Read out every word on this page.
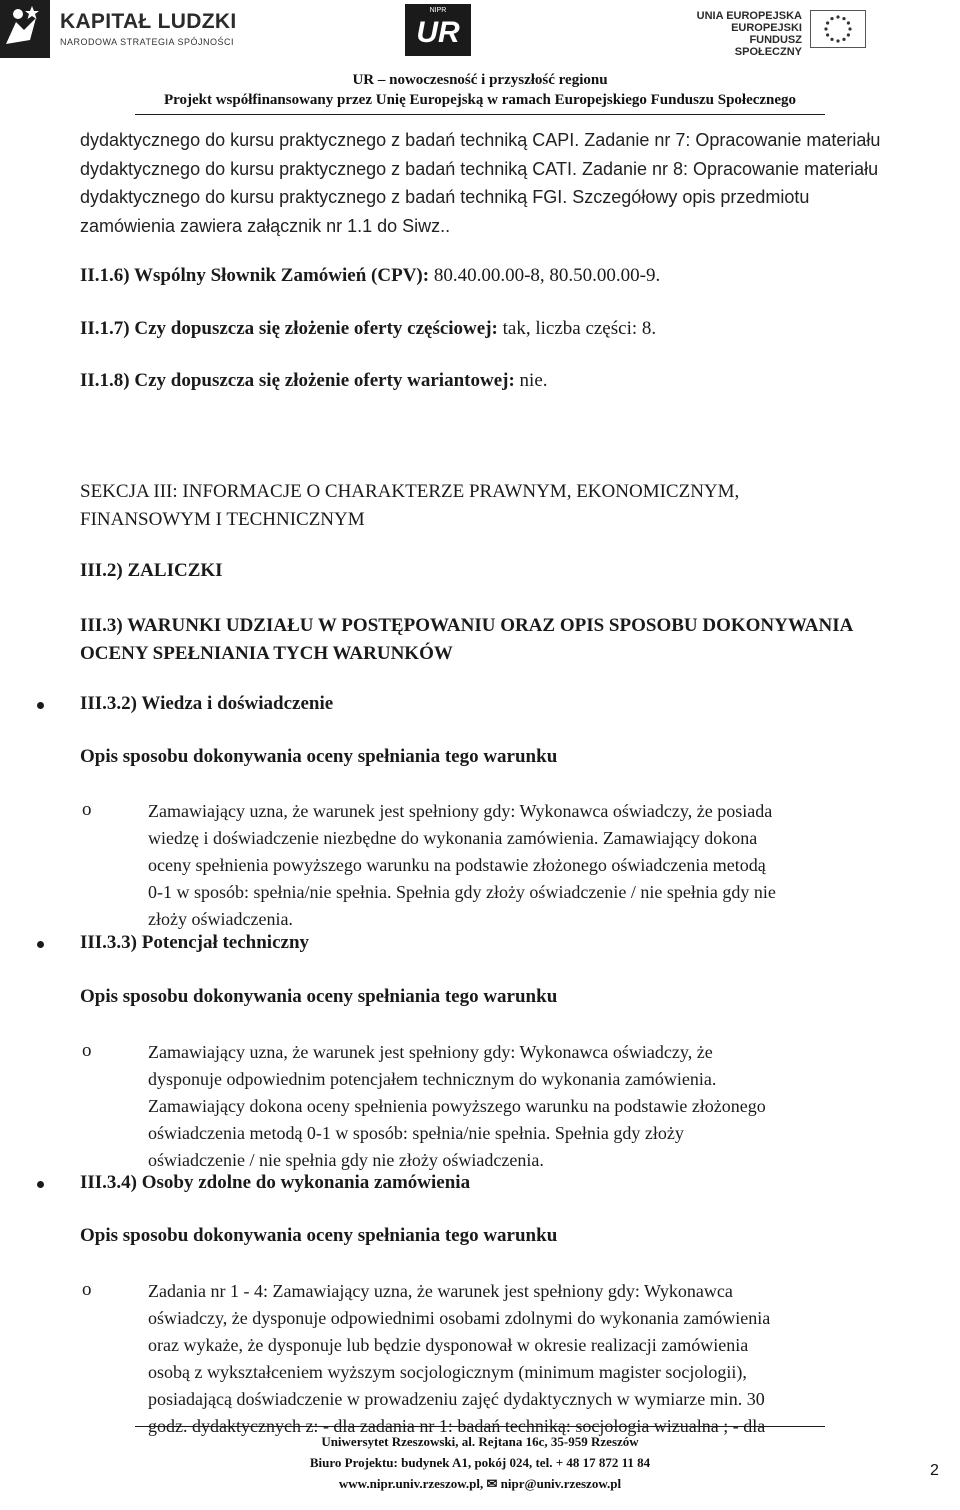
KAPITAŁ LUDZKI
NARODOWA STRATEGIA SPÓJNOŚCI
NIPR
UR	UNIA EUROPEJSKA
EUROPEJSKI
FUNDUSZ SPOŁECZNY
UR – nowoczesność i przyszłość regionu
Projekt współfinansowany przez Unię Europejską w ramach Europejskiego Funduszu Społecznego
dydaktycznego do kursu praktycznego z badań techniką CAPI. Zadanie nr 7: Opracowanie materiału
dydaktycznego do kursu praktycznego z badań techniką CATI. Zadanie nr 8: Opracowanie materiału
dydaktycznego do kursu praktycznego z badań techniką FGI. Szczegółowy opis przedmiotu
zamówienia zawiera załącznik nr 1.1 do Siwz..
II.1.6) Wspólny Słownik Zamówień (CPV): 80.40.00.00-8, 80.50.00.00-9.
II.1.7) Czy dopuszcza się złożenie oferty częściowej: tak, liczba części: 8.
II.1.8) Czy dopuszcza się złożenie oferty wariantowej: nie.
SEKCJA III: INFORMACJE O CHARAKTERZE PRAWNYM, EKONOMICZNYM,
FINANSOWYM I TECHNICZNYM
III.2) ZALICZKI
III.3) WARUNKI UDZIAŁU W POSTĘPOWANIU ORAZ OPIS SPOSOBU DOKONYWANIA
OCENY SPEŁNIANIA TYCH WARUNKÓW
III.3.2) Wiedza i doświadczenie
Opis sposobu dokonywania oceny spełniania tego warunku
o	Zamawiający uzna, że warunek jest spełniony gdy: Wykonawca oświadczy, że posiada
wiedzę i doświadczenie niezbędne do wykonania zamówienia. Zamawiający dokona
oceny spełnienia powyższego warunku na podstawie złożonego oświadczenia metodą
0-1 w sposób: spełnia/nie spełnia. Spełnia gdy złoży oświadczenie / nie spełnia gdy nie
złoży oświadczenia.
III.3.3) Potencjał techniczny
Opis sposobu dokonywania oceny spełniania tego warunku
o	Zamawiający uzna, że warunek jest spełniony gdy: Wykonawca oświadczy, że
dysponuje odpowiednim potencjałem technicznym do wykonania zamówienia.
Zamawiający dokona oceny spełnienia powyższego warunku na podstawie złożonego
oświadczenia metodą 0-1 w sposób: spełnia/nie spełnia. Spełnia gdy złoży
oświadczenie / nie spełnia gdy nie złoży oświadczenia.
III.3.4) Osoby zdolne do wykonania zamówienia
Opis sposobu dokonywania oceny spełniania tego warunku
o	Zadania nr 1 - 4: Zamawiający uzna, że warunek jest spełniony gdy: Wykonawca
oświadczy, że dysponuje odpowiednimi osobami zdolnymi do wykonania zamówienia
oraz wykaże, że dysponuje lub będzie dysponował w okresie realizacji zamówienia
osobą z wykształceniem wyższym socjologicznym (minimum magister socjologii),
posiadającą doświadczenie w prowadzeniu zajęć dydaktycznych w wymiarze min. 30
godz. dydaktycznych z: - dla zadania nr 1: badań techniką: socjologia wizualna ; - dla
Uniwersytet Rzeszowski, al. Rejtana 16c, 35-959 Rzeszów
Biuro Projektu: budynek A1, pokój 024, tel. + 48 17 872 11 84
www.nipr.univ.rzeszow.pl, ✉ nipr@univ.rzeszow.pl
2
